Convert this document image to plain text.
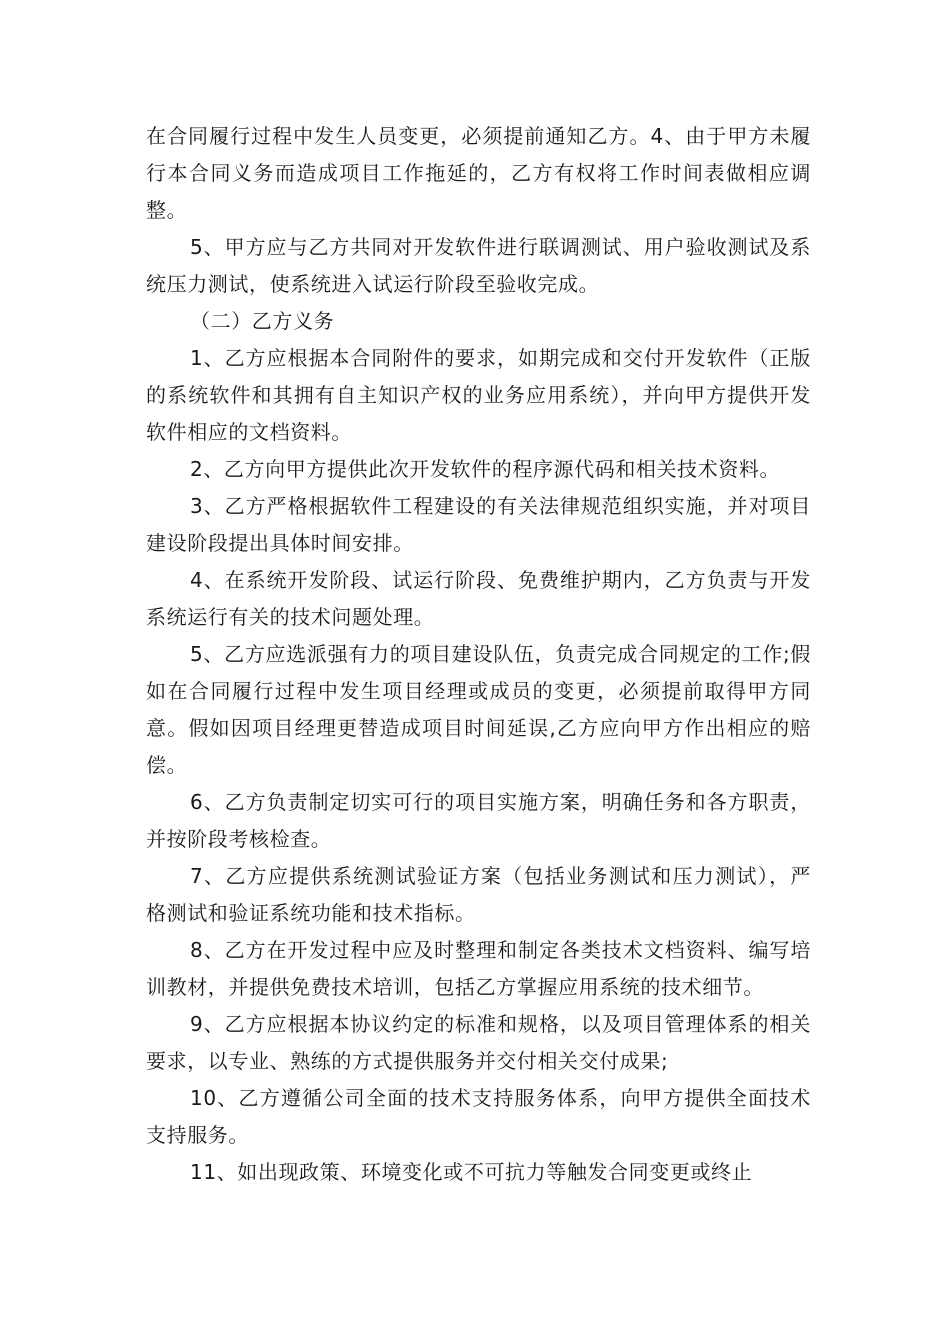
在合同履行过程中发生人员变更，必须提前通知乙方。4、由于甲方未履行本合同义务而造成项目工作拖延的，乙方有权将工作时间表做相应调整。

5、甲方应与乙方共同对开发软件进行联调测试、用户验收测试及系统压力测试，使系统进入试运行阶段至验收完成。

（二）乙方义务

1、乙方应根据本合同附件的要求，如期完成和交付开发软件（正版的系统软件和其拥有自主知识产权的业务应用系统），并向甲方提供开发软件相应的文档资料。

2、乙方向甲方提供此次开发软件的程序源代码和相关技术资料。

3、乙方严格根据软件工程建设的有关法律规范组织实施，并对项目建设阶段提出具体时间安排。

4、在系统开发阶段、试运行阶段、免费维护期内，乙方负责与开发系统运行有关的技术问题处理。

5、乙方应选派强有力的项目建设队伍，负责完成合同规定的工作;假如在合同履行过程中发生项目经理或成员的变更，必须提前取得甲方同意。假如因项目经理更替造成项目时间延误,乙方应向甲方作出相应的赔偿。

6、乙方负责制定切实可行的项目实施方案，明确任务和各方职责，并按阶段考核检查。

7、乙方应提供系统测试验证方案（包括业务测试和压力测试），严格测试和验证系统功能和技术指标。

8、乙方在开发过程中应及时整理和制定各类技术文档资料、编写培训教材，并提供免费技术培训，包括乙方掌握应用系统的技术细节。

9、乙方应根据本协议约定的标准和规格，以及项目管理体系的相关要求，以专业、熟练的方式提供服务并交付相关交付成果;

10、乙方遵循公司全面的技术支持服务体系，向甲方提供全面技术支持服务。

11、如出现政策、环境变化或不可抗力等触发合同变更或终止
